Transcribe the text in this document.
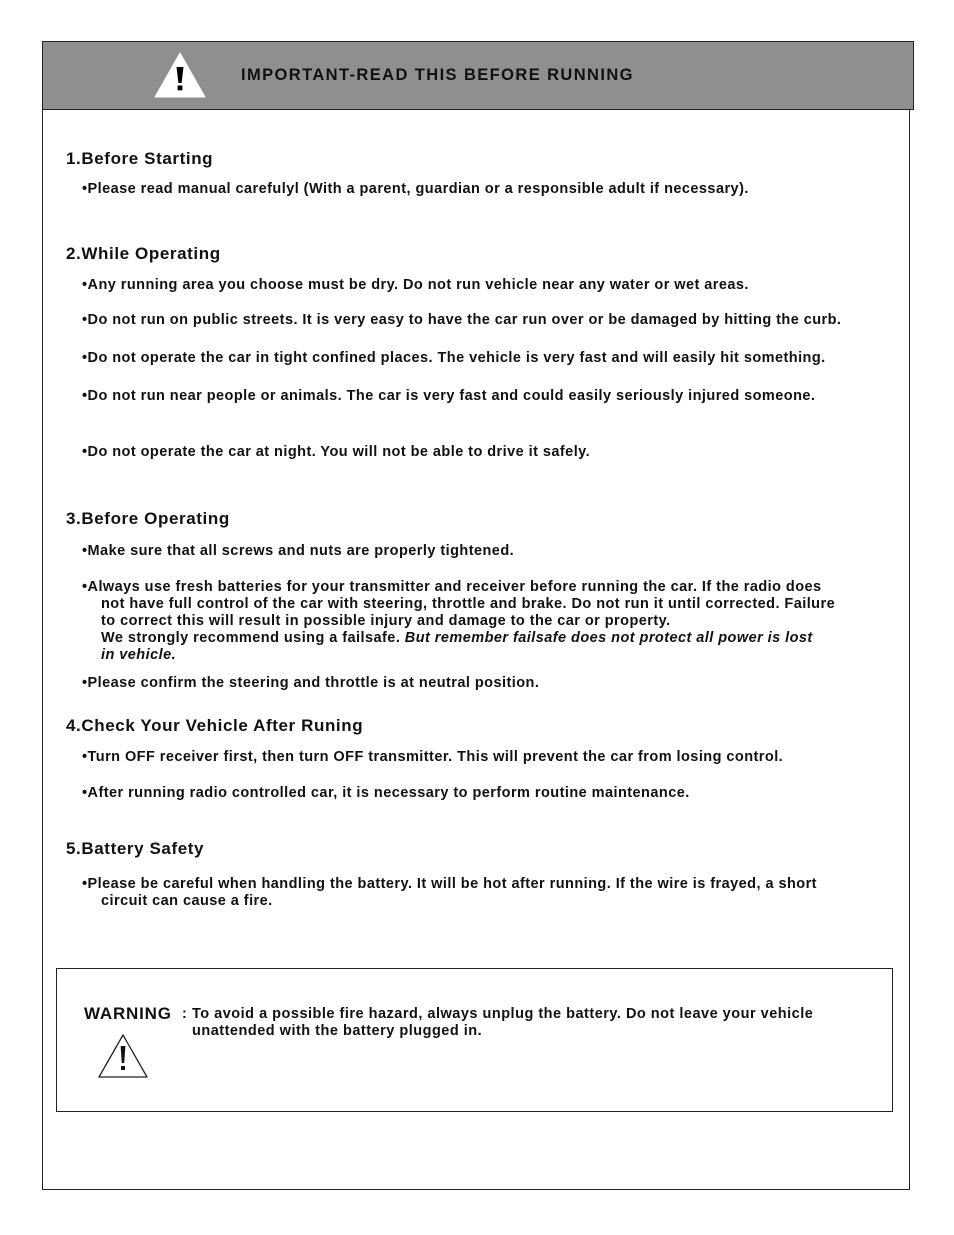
IMPORTANT-READ THIS BEFORE RUNNING
1.Before Starting

•Please read manual carefulyl (With a parent, guardian or a responsible adult if necessary).

2.While Operating

•Any running area you choose must be dry. Do not run vehicle near any water or wet areas.

•Do not run on public streets. It is very easy to have the car run over or be damaged by hitting the curb.

•Do not operate the car in tight confined places. The vehicle is very fast and will easily hit something.

•Do not run near people or animals. The car is very fast and could easily seriously injured someone.

•Do not operate the car at night. You will not be able to drive it safely.

3.Before Operating

•Make sure that all screws and nuts are properly tightened.

•Always use fresh batteries for your transmitter and receiver before running the car. If the radio does
not have full control of the car with steering, throttle and brake. Do not run it until corrected. Failure
to correct this will result in possible injury and damage to the car or property.
We strongly recommend using a failsafe. But remember failsafe does not protect all power is lost
in vehicle.

•Please confirm the steering and throttle is at neutral position.

4.Check Your Vehicle After Runing

•Turn OFF receiver first, then turn OFF transmitter. This will prevent the car from losing control.

•After running radio controlled car, it is necessary to perform routine maintenance.

5.Battery Safety
•Please be careful when handling the battery. It will be hot after running. If the wire is frayed, a short
circuit can cause a fire.
WARNING : To avoid a possible fire hazard, always unplug the battery. Do not leave your vehicle
unattended with the battery plugged in.
